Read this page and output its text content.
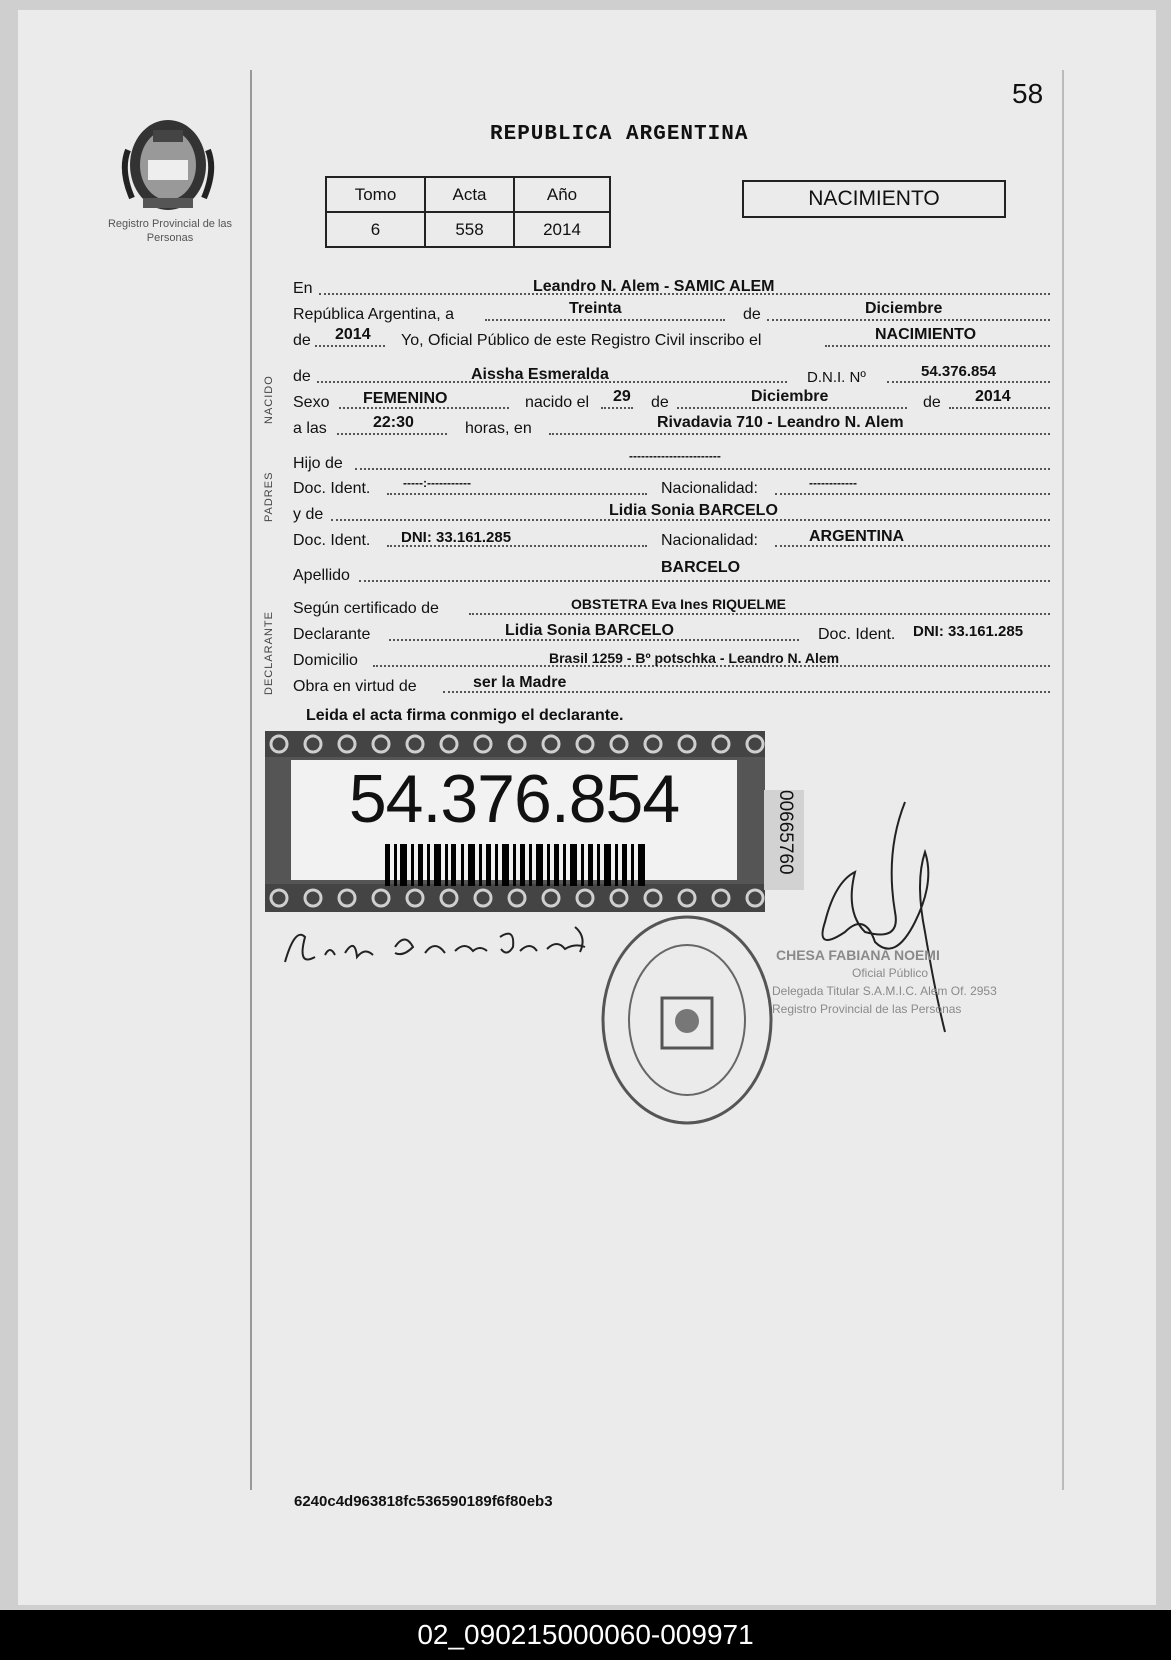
58
REPUBLICA ARGENTINA
Registro Provincial de las Personas
Tomo	Acta	Año
6	558	2014
NACIMIENTO
En	Leandro N. Alem - SAMIC ALEM
República Argentina, a	Treinta	de	Diciembre
de 2014 Yo, Oficial Público de este Registro Civil inscribo el	NACIMIENTO
NACIDO de	Aissha Esmeralda	D.N.I. Nº	54.376.854
Sexo FEMENINO	nacido el 29 de	Diciembre	de 2014
a las	22:30	horas, en	Rivadavia 710 - Leandro N. Alem
PADRES
Hijo de	-----------------------
Doc. Ident.	-----:-----------	Nacionalidad:	------------
y de	Lidia Sonia BARCELO
Doc. Ident. DNI: 33.161.285	Nacionalidad:	ARGENTINA
Apellido	BARCELO
DECLARANTE
Según certificado de	OBSTETRA Eva Ines RIQUELME
Declarante	Lidia Sonia BARCELO	Doc. Ident. DNI: 33.161.285
Domicilio	Brasil 1259 - Bº potschka - Leandro N. Alem
Obra en virtud de	ser la Madre
Leida el acta firma conmigo el declarante.
54.376.854	00665760
CHESA FABIANA NOEMI
Oficial Público
Delegada Titular S.A.M.I.C. Alem Of. 2953
Registro Provincial de las Personas
6240c4d963818fc536590189f6f80eb3
02_090215000060-009971
